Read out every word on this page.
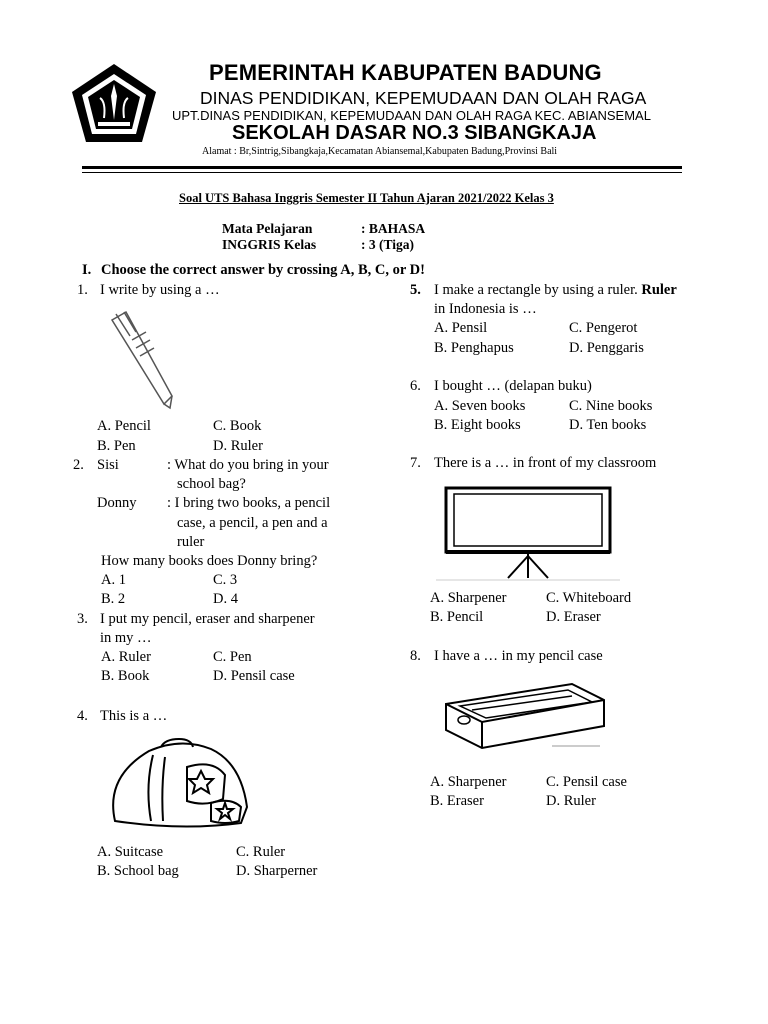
PEMERINTAH KABUPATEN BADUNG
DINAS PENDIDIKAN, KEPEMUDAAN DAN OLAH RAGA
UPT.DINAS PENDIDIKAN, KEPEMUDAAN DAN OLAH RAGA KEC. ABIANSEMAL
SEKOLAH DASAR NO.3 SIBANGKAJA
Alamat : Br,Sintrig,Sibangkaja,Kecamatan Abiansemal,Kabupaten Badung,Provinsi Bali
Soal UTS Bahasa Inggris Semester II Tahun Ajaran 2021/2022 Kelas 3
Mata Pelajaran	: BAHASA
INGGRIS Kelas	: 3 (Tiga)
I. Choose the correct answer by crossing A, B, C, or D!
1. I write by using a …
A. Pencil	C. Book
B. Pen	D. Ruler
2. Sisi	: What do you bring in your
school bag?
Donny : I bring two books, a pencil
case, a pencil, a pen and a
ruler
How many books does Donny bring?
A. 1	C. 3
B. 2	D. 4
3. I put my pencil, eraser and sharpener
in my …
A. Ruler	C. Pen
B. Book	D. Pensil case
4. This is a …
A. Suitcase	C. Ruler
B. School bag	D. Sharperner
5. I make a rectangle by using a ruler. Ruler
in Indonesia is …
A. Pensil	C. Pengerot
B. Penghapus	D. Penggaris
6. I bought … (delapan buku)
A. Seven books	C. Nine books
B. Eight books	D. Ten books
7. There is a … in front of my classroom
A. Sharpener	C. Whiteboard
B. Pencil	D. Eraser
8. I have a … in my pencil case
A. Sharpener	C. Pensil case
B. Eraser	D. Ruler
